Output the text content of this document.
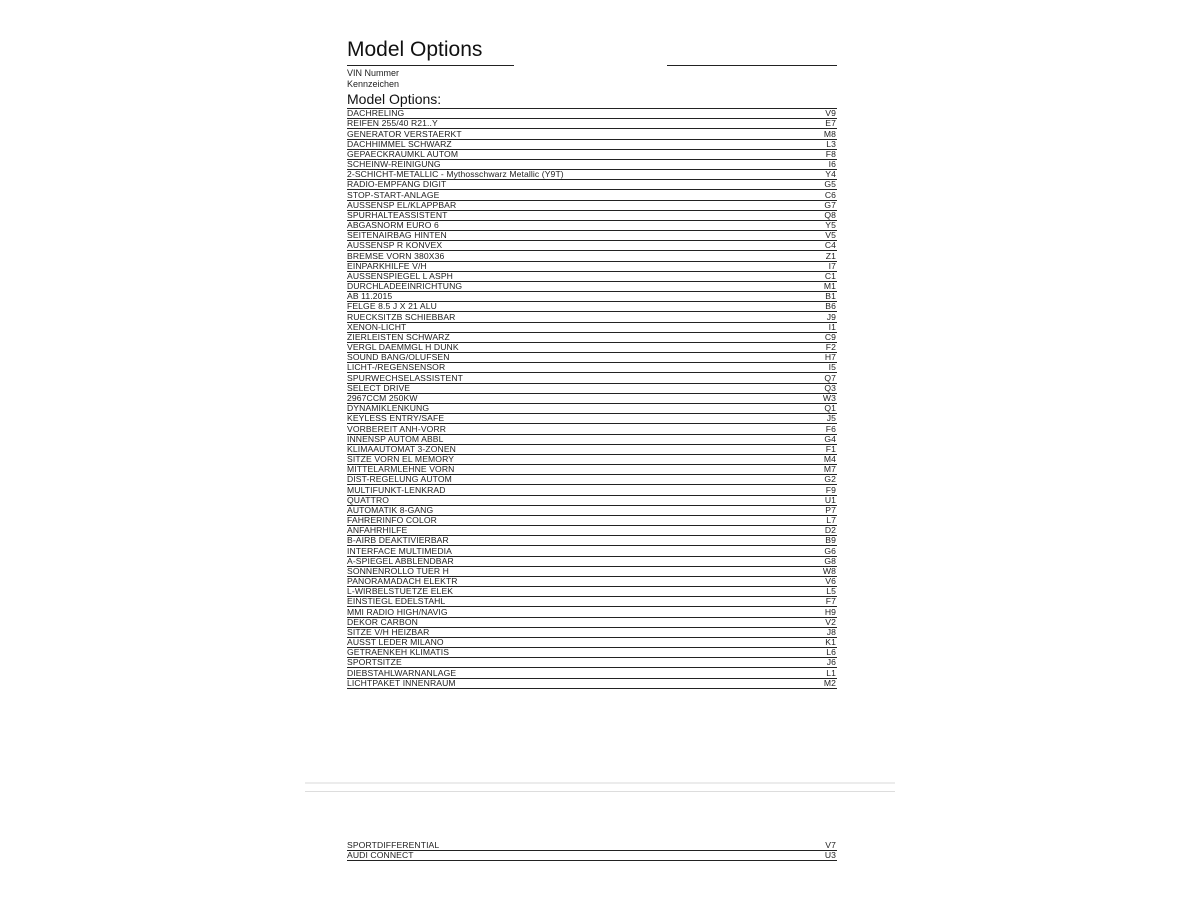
Model Options
VIN Nummer
Kennzeichen
Model Options:
DACHRELING	V9
REIFEN 255/40 R21..Y	E7
GENERATOR VERSTAERKT	M8
DACHHIMMEL SCHWARZ	L3
GEPAECKRAUMKL AUTOM	F8
SCHEINW-REINIGUNG	I6
2-SCHICHT-METALLIC - Mythosschwarz Metallic (Y9T)	Y4
RADIO-EMPFANG DIGIT	G5
STOP-START-ANLAGE	C6
AUSSENSP EL/KLAPPBAR	G7
SPURHALTEASSISTENT	Q8
ABGASNORM EURO 6	Y5
SEITENAIRBAG HINTEN	V5
AUSSENSP R KONVEX	C4
BREMSE VORN 380X36	Z1
EINPARKHILFE V/H	I7
AUSSENSPIEGEL L ASPH	C1
DURCHLADEEINRICHTUNG	M1
AB 11.2015	B1
FELGE 8.5 J X 21 ALU	B6
RUECKSITZB SCHIEBBAR	J9
XENON-LICHT	I1
ZIERLEISTEN SCHWARZ	C9
VERGL DAEMMGL H DUNK	F2
SOUND BANG/OLUFSEN	H7
LICHT-/REGENSENSOR	I5
SPURWECHSELASSISTENT	Q7
SELECT DRIVE	Q3
2967CCM 250KW	W3
DYNAMIKLENKUNG	Q1
KEYLESS ENTRY/SAFE	J5
VORBEREIT ANH-VORR	F6
INNENSP AUTOM ABBL	G4
KLIMAAUTOMAT 3-ZONEN	F1
SITZE VORN EL MEMORY	M4
MITTELARMLEHNE VORN	M7
DIST-REGELUNG AUTOM	G2
MULTIFUNKT-LENKRAD	F9
QUATTRO	U1
AUTOMATIK 8-GANG	P7
FAHRERINFO COLOR	L7
ANFAHRHILFE	D2
B-AIRB DEAKTIVIERBAR	B9
INTERFACE MULTIMEDIA	G6
A-SPIEGEL ABBLENDBAR	G8
SONNENROLLO TUER H	W8
PANORAMADACH ELEKTR	V6
L-WIRBELSTUETZE ELEK	L5
EINSTIEGL EDELSTAHL	F7
MMI RADIO HIGH/NAVIG	H9
DEKOR CARBON	V2
SITZE V/H HEIZBAR	J8
AUSST LEDER MILANO	K1
GETRAENKEH KLIMATIS	L6
SPORTSITZE	J6
DIEBSTAHLWARNANLAGE	L1
LICHTPAKET INNENRAUM	M2
SPORTDIFFERENTIAL	V7
AUDI CONNECT	U3
